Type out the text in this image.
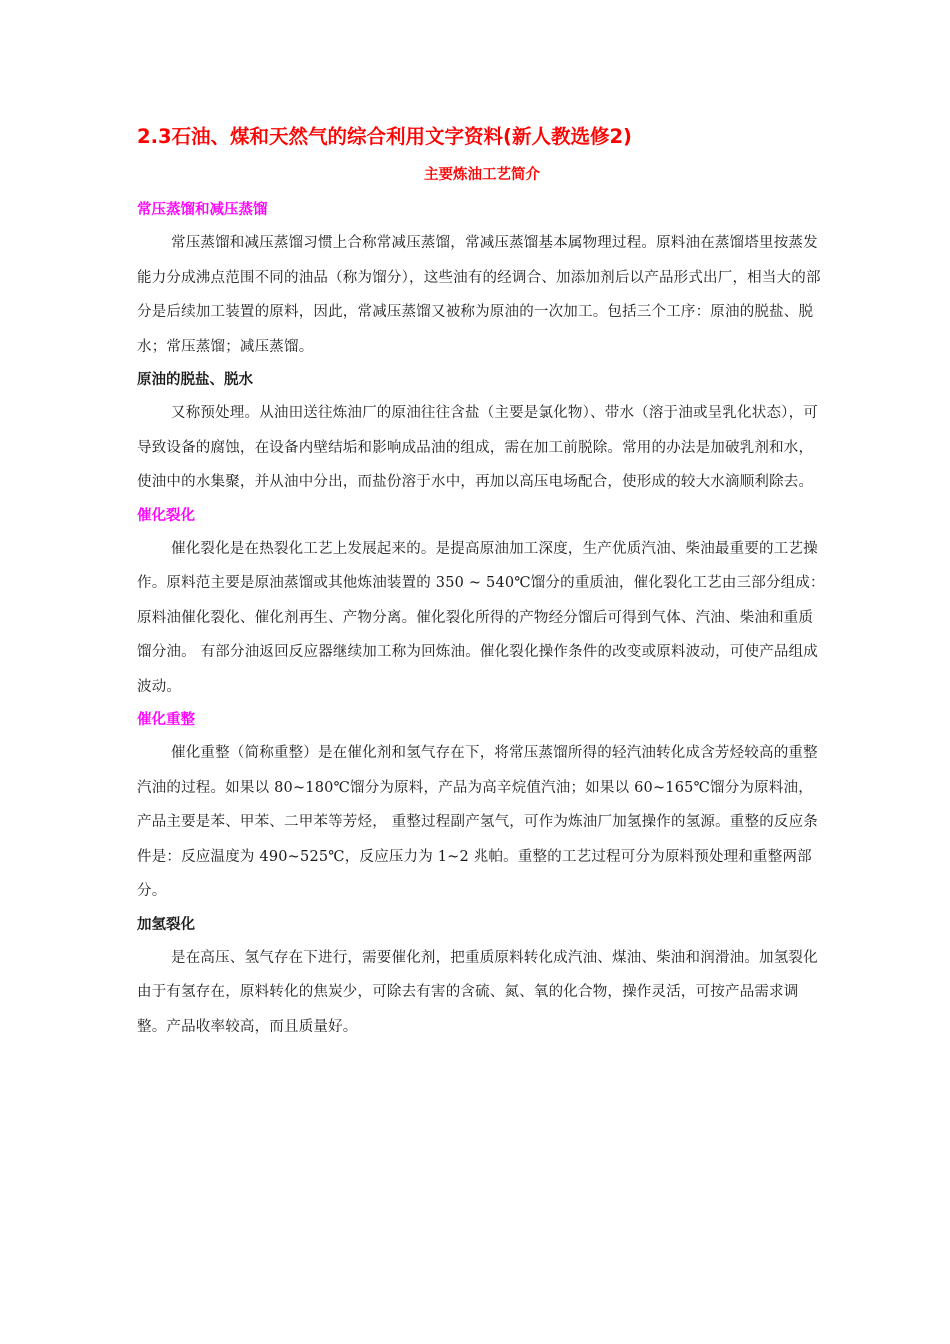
2.3石油、煤和天然气的综合利用文字资料(新人教选修2)
主要炼油工艺简介
常压蒸馏和减压蒸馏

常压蒸馏和减压蒸馏习惯上合称常减压蒸馏，常减压蒸馏基本属物理过程。原料油在蒸馏塔里按蒸发能力分成沸点范围不同的油品（称为馏分），这些油有的经调合、加添加剂后以产品形式出厂，相当大的部分是后续加工装置的原料，因此，常减压蒸馏又被称为原油的一次加工。包括三个工序：原油的脱盐、脱水；常压蒸馏；减压蒸馏。

原油的脱盐、脱水

又称预处理。从油田送往炼油厂的原油往往含盐（主要是氯化物）、带水（溶于油或呈乳化状态），可导致设备的腐蚀，在设备内壁结垢和影响成品油的组成，需在加工前脱除。常用的办法是加破乳剂和水，使油中的水集聚，并从油中分出，而盐份溶于水中，再加以高压电场配合，使形成的较大水滴顺利除去。

催化裂化

催化裂化是在热裂化工艺上发展起来的。是提高原油加工深度，生产优质汽油、柴油最重要的工艺操作。原料范主要是原油蒸馏或其他炼油装置的 350 ~ 540℃馏分的重质油，催化裂化工艺由三部分组成：原料油催化裂化、催化剂再生、产物分离。催化裂化所得的产物经分馏后可得到气体、汽油、柴油和重质馏分油。 有部分油返回反应器继续加工称为回炼油。催化裂化操作条件的改变或原料波动，可使产品组成波动。

催化重整

催化重整（简称重整）是在催化剂和氢气存在下，将常压蒸馏所得的轻汽油转化成含芳烃较高的重整汽油的过程。如果以 80~180℃馏分为原料，产品为高辛烷值汽油；如果以 60~165℃馏分为原料油，产品主要是苯、甲苯、二甲苯等芳烃， 重整过程副产氢气，可作为炼油厂加氢操作的氢源。重整的反应条件是：反应温度为 490~525℃，反应压力为 1~2 兆帕。重整的工艺过程可分为原料预处理和重整两部分。

加氢裂化

是在高压、氢气存在下进行，需要催化剂，把重质原料转化成汽油、煤油、柴油和润滑油。加氢裂化由于有氢存在，原料转化的焦炭少，可除去有害的含硫、氮、氧的化合物，操作灵活，可按产品需求调整。产品收率较高，而且质量好。
